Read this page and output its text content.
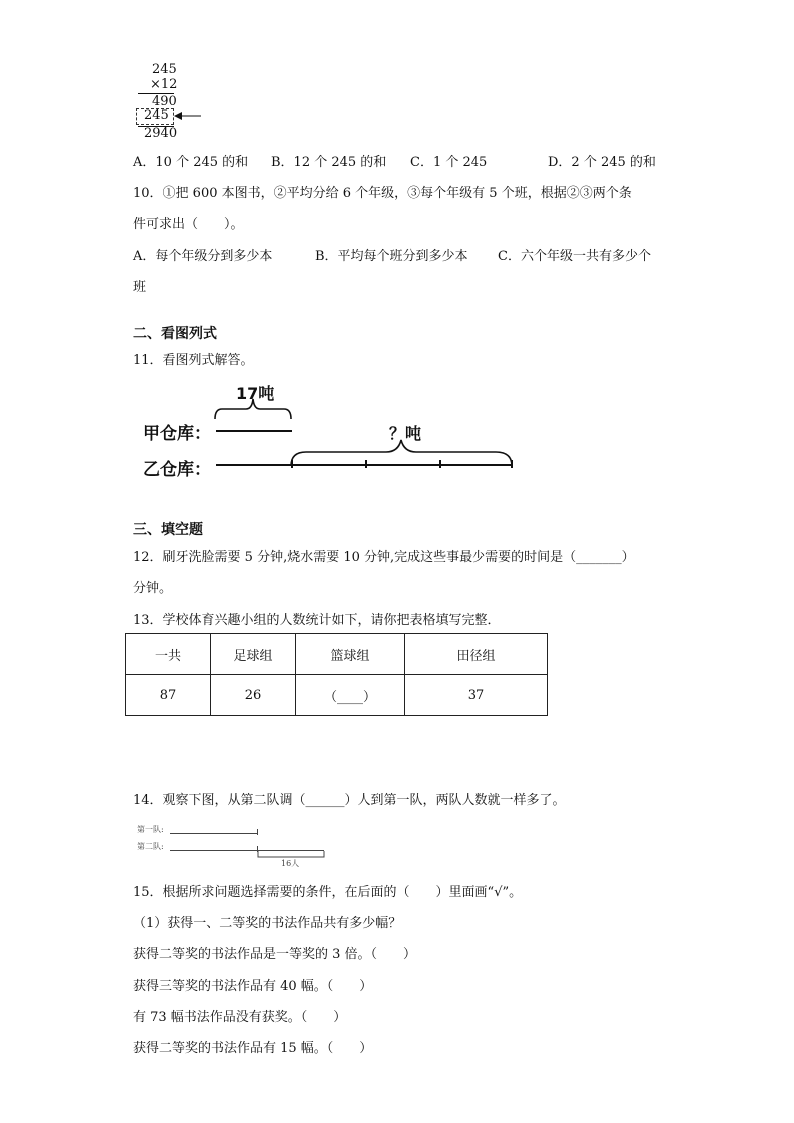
245
×12
490
245
2940
A．10 个 245 的和 B．12 个 245 的和 C．1 个 245	D．2 个 245 的和
10．①把 600 本图书，②平均分给 6 个年级，③每个年级有 5 个班，根据②③两个条
件可求出（　　）。
A．每个年级分到多少本	B．平均每个班分到多少本 C．六个年级一共有多少个
班
二、看图列式
11．看图列式解答。
17吨
甲仓库：	？吨
乙仓库：
三、填空题
12．刷牙洗脸需要 5 分钟,烧水需要 10 分钟,完成这些事最少需要的时间是（_______）
分钟。
13．学校体育兴趣小组的人数统计如下，请你把表格填写完整．
一共	足球组	篮球组	田径组
87	26	（____）	37
14．观察下图，从第二队调（______）人到第一队，两队人数就一样多了。
第一队:
第二队:
16人
15．根据所求问题选择需要的条件，在后面的（　　）里面画“√”。
（1）获得一、二等奖的书法作品共有多少幅？
获得二等奖的书法作品是一等奖的 3 倍。（　　）
获得三等奖的书法作品有 40 幅。（　　）
有 73 幅书法作品没有获奖。（　　）
获得二等奖的书法作品有 15 幅。（　　）
